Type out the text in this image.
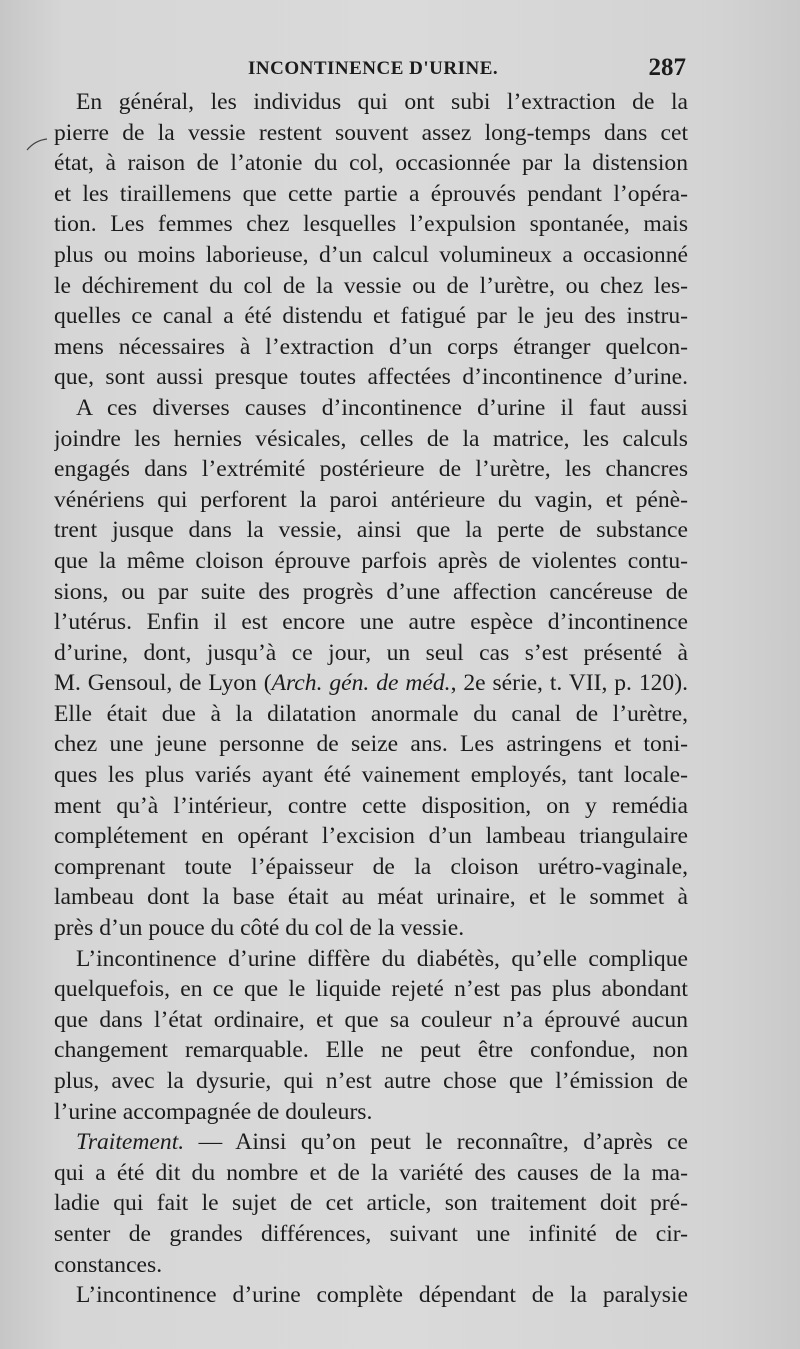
INCONTINENCE D'URINE.	287
En général, les individus qui ont subi l’extraction de la
pierre de la vessie restent souvent assez long-temps dans cet
état, à raison de l’atonie du col, occasionnée par la distension
et les tiraillemens que cette partie a éprouvés pendant l’opéra-
tion. Les femmes chez lesquelles l’expulsion spontanée, mais
plus ou moins laborieuse, d’un calcul volumineux a occasionné
le déchirement du col de la vessie ou de l’urètre, ou chez les-
quelles ce canal a été distendu et fatigué par le jeu des instru-
mens nécessaires à l’extraction d’un corps étranger quelcon-
que, sont aussi presque toutes affectées d’incontinence d’urine.
A ces diverses causes d’incontinence d’urine il faut aussi
joindre les hernies vésicales, celles de la matrice, les calculs
engagés dans l’extrémité postérieure de l’urètre, les chancres
vénériens qui perforent la paroi antérieure du vagin, et pénè-
trent jusque dans la vessie, ainsi que la perte de substance
que la même cloison éprouve parfois après de violentes contu-
sions, ou par suite des progrès d’une affection cancéreuse de
l’utérus. Enfin il est encore une autre espèce d’incontinence
d’urine, dont, jusqu’à ce jour, un seul cas s’est présenté à
M. Gensoul, de Lyon (Arch. gén. de méd., 2e série, t. VII, p. 120).
Elle était due à la dilatation anormale du canal de l’urètre,
chez une jeune personne de seize ans. Les astringens et toni-
ques les plus variés ayant été vainement employés, tant locale-
ment qu’à l’intérieur, contre cette disposition, on y remédia
complétement en opérant l’excision d’un lambeau triangulaire
comprenant toute l’épaisseur de la cloison urétro-vaginale,
lambeau dont la base était au méat urinaire, et le sommet à
près d’un pouce du côté du col de la vessie.
L’incontinence d’urine diffère du diabétès, qu’elle complique
quelquefois, en ce que le liquide rejeté n’est pas plus abondant
que dans l’état ordinaire, et que sa couleur n’a éprouvé aucun
changement remarquable. Elle ne peut être confondue, non
plus, avec la dysurie, qui n’est autre chose que l’émission de
l’urine accompagnée de douleurs.
Traitement. — Ainsi qu’on peut le reconnaître, d’après ce
qui a été dit du nombre et de la variété des causes de la ma-
ladie qui fait le sujet de cet article, son traitement doit pré-
senter de grandes différences, suivant une infinité de cir-
constances.
L’incontinence d’urine complète dépendant de la paralysie
